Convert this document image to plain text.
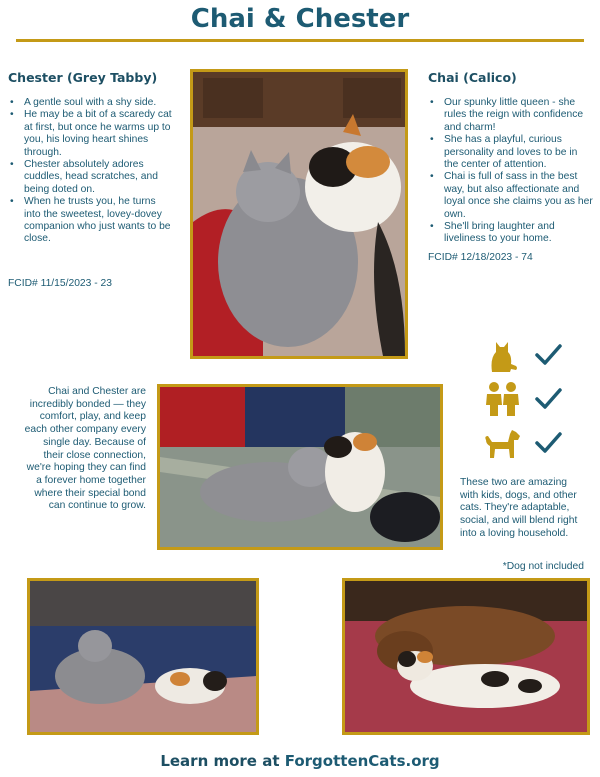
Chai & Chester
Chester (Grey Tabby)
• A gentle soul with a shy side.
• He may be a bit of a scaredy cat at first, but once he warms up to you, his loving heart shines through.
• Chester absolutely adores cuddles, head scratches, and being doted on.
• When he trusts you, he turns into the sweetest, lovey-dovey companion who just wants to be close.
FCID# 11/15/2023 - 23
Chai (Calico)
• Our spunky little queen - she rules the reign with confidence and charm!
• She has a playful, curious personality and loves to be in the center of attention.
• Chai is full of sass in the best way, but also affectionate and loyal once she claims you as her own.
• She'll bring laughter and liveliness to your home.
FCID# 12/18/2023 - 74
Chai and Chester are incredibly bonded — they comfort, play, and keep each other company every single day. Because of their close connection, we're hoping they can find a forever home together where their special bond can continue to grow.
These two are amazing with kids, dogs, and other cats. They're adaptable, social, and will blend right into a loving household.
*Dog not included
Learn more at ForgottenCats.org
